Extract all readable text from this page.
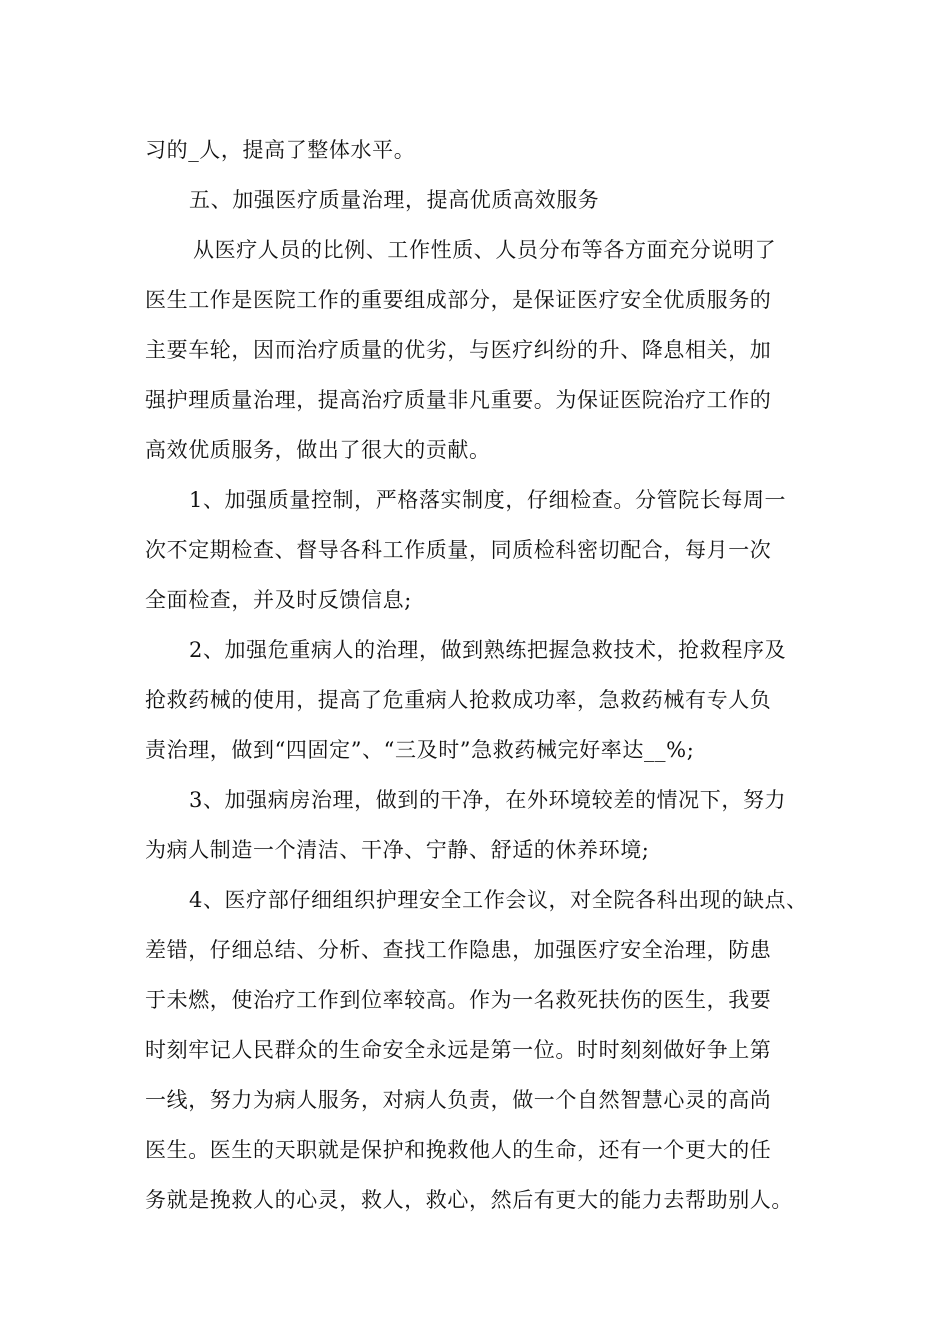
习的_人，提高了整体水平。
五、加强医疗质量治理，提高优质高效服务
从医疗人员的比例、工作性质、人员分布等各方面充分说明了
医生工作是医院工作的重要组成部分，是保证医疗安全优质服务的
主要车轮，因而治疗质量的优劣，与医疗纠纷的升、降息相关，加
强护理质量治理，提高治疗质量非凡重要。为保证医院治疗工作的
高效优质服务，做出了很大的贡献。
1、加强质量控制，严格落实制度，仔细检查。分管院长每周一
次不定期检查、督导各科工作质量，同质检科密切配合，每月一次
全面检查，并及时反馈信息;
2、加强危重病人的治理，做到熟练把握急救技术，抢救程序及
抢救药械的使用，提高了危重病人抢救成功率，急救药械有专人负
责治理，做到“四固定”、“三及时”急救药械完好率达__%;
3、加强病房治理，做到的干净，在外环境较差的情况下，努力
为病人制造一个清洁、干净、宁静、舒适的休养环境;
4、医疗部仔细组织护理安全工作会议，对全院各科出现的缺点、
差错，仔细总结、分析、查找工作隐患，加强医疗安全治理，防患
于未燃，使治疗工作到位率较高。作为一名救死扶伤的医生，我要
时刻牢记人民群众的生命安全永远是第一位。时时刻刻做好争上第
一线，努力为病人服务，对病人负责，做一个自然智慧心灵的高尚
医生。医生的天职就是保护和挽救他人的生命，还有一个更大的任
务就是挽救人的心灵，救人，救心，然后有更大的能力去帮助别人。
